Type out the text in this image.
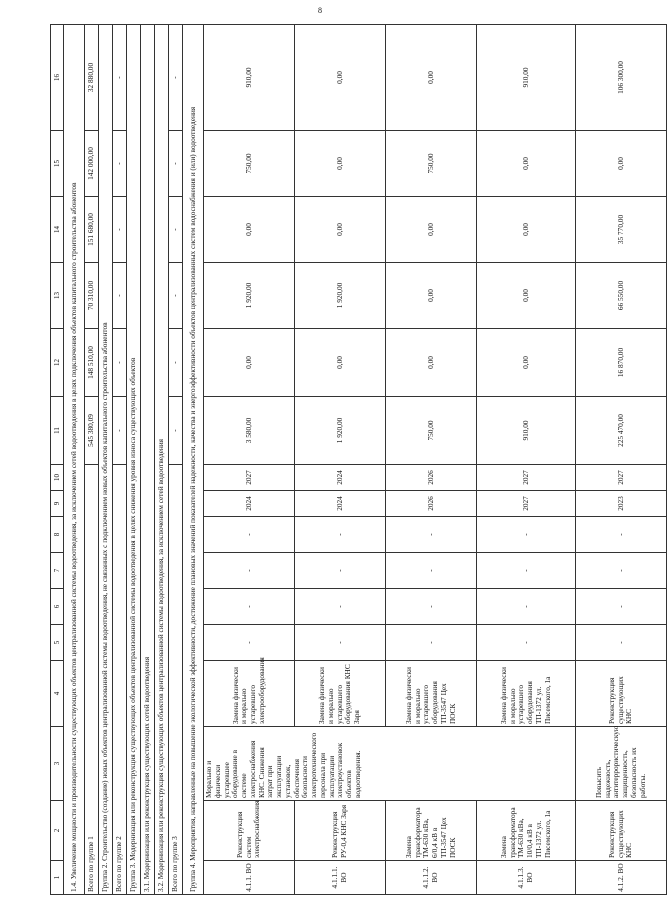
8
1	2	3	4	5	6	7	8	9	10	11	12	13	14	15	16
1.4. Увеличение мощности и производительности существующих объектов централизованной системы водоотведения, за исключением сетей водоотведения в целях подключения объектов капитального строительства абонентов															
Всего по группе 1										545 380,09	148 510,00	70 310,00	151 680,00	142 000,00	32 880,00
Группа 2. Строительство (создание) новых объектов централизованной системы водоотведения, не связанных с подключением новых объектов капитального строительства абонентов															
Всего по группе 2										-	-	-	-	-	-
Группа 3. Модернизация или реконструкция существующих объектов централизованной системы водоотведения в целях снижения уровня износа существующих объектов															
3.1. Модернизация или реконструкция существующих сетей водоотведения															
3.2. Модернизация или реконструкция существующих объектов централизованной системы водоотведения, за исключением сетей водоотведения															
Всего по группе 3										-	-	-	-	-	-
Группа 4. Мероприятия, направленные на повышение экологической эффективности, достижение плановых значений показателей надежности, качества и энергоэффективности объектов централизованных систем водоснабжения и (или) водоотведения															
4.1.1. ВО	Реконструкция систем электроснабжения	Морально и физически устаревшее оборудование в системе электроснабжения КНС. Снижения затрат при эксплуатации установок, обеспечения безопасности электротехнического персонала при эксплуатации электроустановок объектов водоотведения.	Замена физически и морально устаревшего электрооборудования	-	-	-	-	2024	2027	3 580,00	0,00	1 920,00	0,00	750,00	910,00
4.1.1.1. ВО	Реконструкция РУ-0,4 КНС Заря		Замена физически и морально устаревшего оборудования КНС Заря	-	-	-	-	2024	2024	1 920,00	0,00	1 920,00	0,00	0,00	0,00
4.1.1.2. ВО	Замена трансформатора ТМ-630 кВа, 6/0,4 кВ в ТП-3547 Цех ПОСК		Замена физически и морально устаревшего оборудования ТП-3547 Цех ПОСК	-	-	-	-	2026	2026	750,00	0,00	0,00	0,00	750,00	0,00
4.1.1.3. ВО	Замена трансформатора ТМ-630 кВа, 10/0,4 кВ в ТП-1372 ул. Писемского, 1а		Замена физически и морально устаревшего оборудования ТП-1372 ул. Писемского, 1а	-	-	-	-	2027	2027	910,00	0,00	0,00	0,00	0,00	910,00
4.1.2. ВО	Реконструкция существующих КНС	Повысить надежность, антитеррористическую защищенность, безопасность их работы.	Реконструкция существующих КНС	-	-	-	-	2023	2027	225 470,00	16 870,00	66 550,00	35 770,00	0,00	106 300,00
